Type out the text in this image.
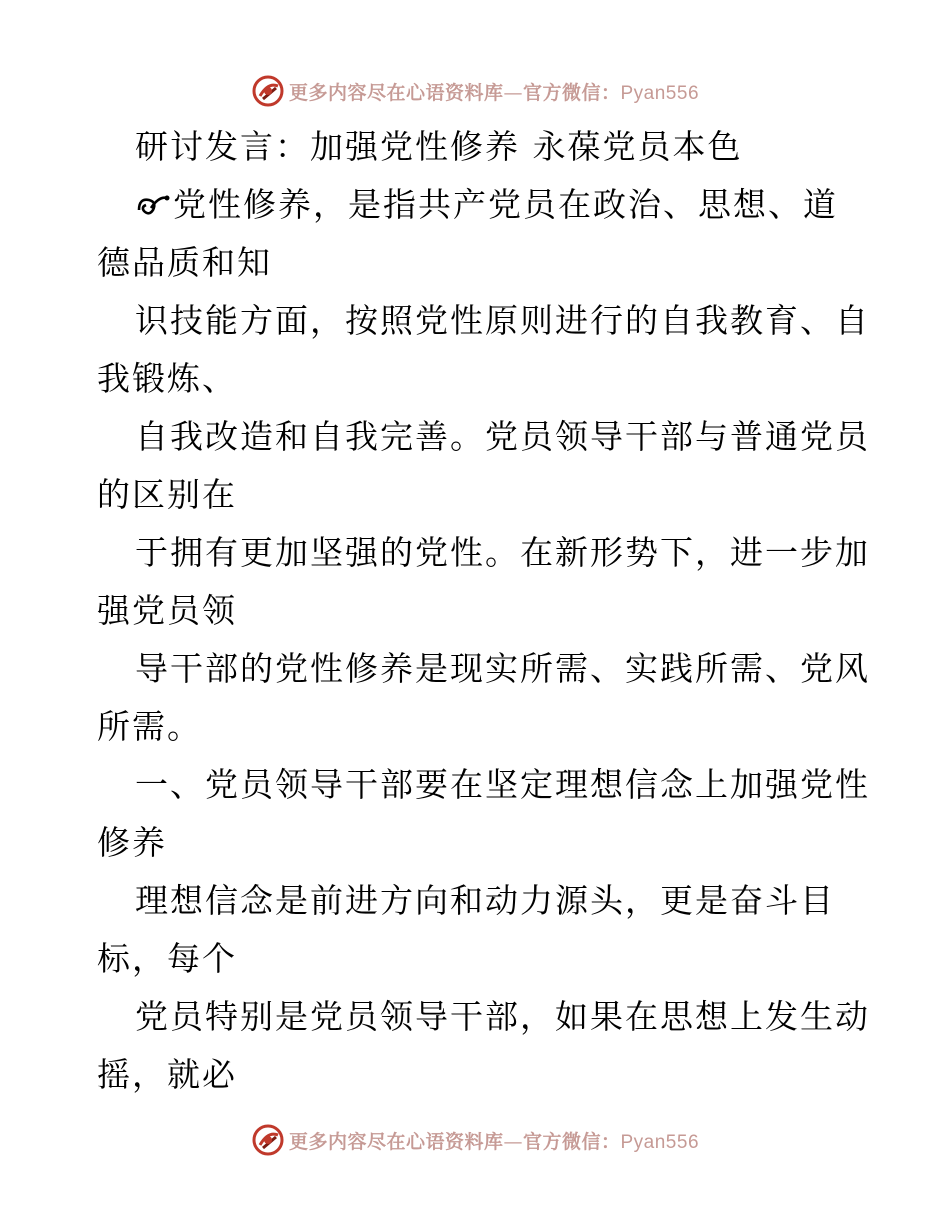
更多内容尽在心语资料库—官方微信：Pyan556
研讨发言：加强党性修养 永葆党员本色
党性修养，是指共产党员在政治、思想、道
德品质和知
识技能方面，按照党性原则进行的自我教育、自
我锻炼、
自我改造和自我完善。党员领导干部与普通党员
的区别在
于拥有更加坚强的党性。在新形势下，进一步加
强党员领
导干部的党性修养是现实所需、实践所需、党风
所需。
一、党员领导干部要在坚定理想信念上加强党性
修养
理想信念是前进方向和动力源头，更是奋斗目
标，每个
党员特别是党员领导干部，如果在思想上发生动
摇，就必
更多内容尽在心语资料库—官方微信：Pyan556
